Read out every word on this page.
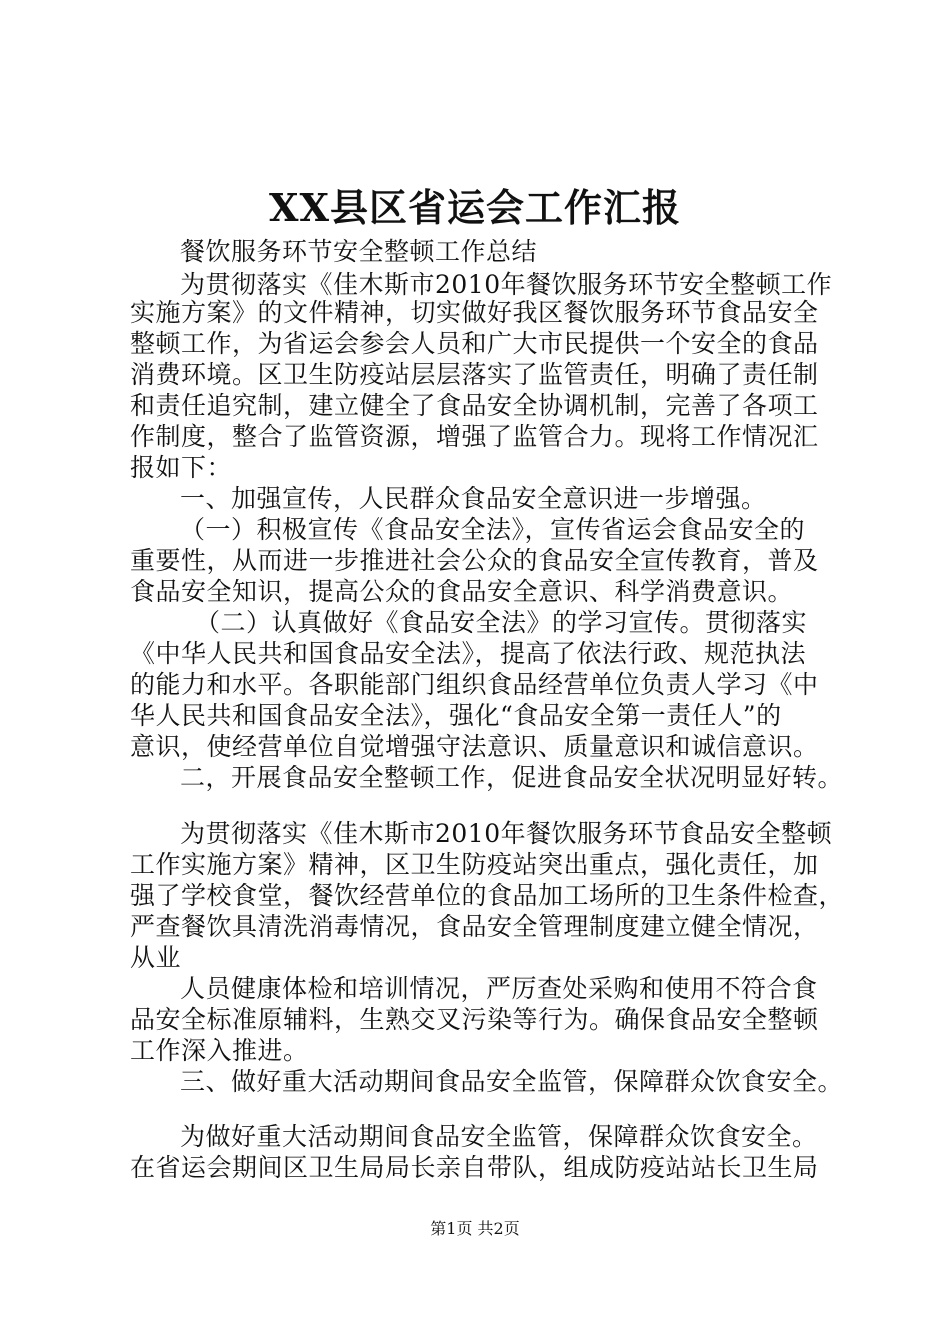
XX县区省运会工作汇报
餐饮服务环节安全整顿工作总结
为贯彻落实《佳木斯市2010年餐饮服务环节安全整顿工作
实施方案》的文件精神，切实做好我区餐饮服务环节食品安全
整顿工作，为省运会参会人员和广大市民提供一个安全的食品
消费环境。区卫生防疫站层层落实了监管责任，明确了责任制
和责任追究制，建立健全了食品安全协调机制，完善了各项工
作制度，整合了监管资源，增强了监管合力。现将工作情况汇
报如下：
一、加强宣传，人民群众食品安全意识进一步增强。
（一）积极宣传《食品安全法》，宣传省运会食品安全的
重要性，从而进一步推进社会公众的食品安全宣传教育，普及
食品安全知识，提高公众的食品安全意识、科学消费意识。
（二）认真做好《食品安全法》的学习宣传。贯彻落实
《中华人民共和国食品安全法》，提高了依法行政、规范执法
的能力和水平。各职能部门组织食品经营单位负责人学习《中
华人民共和国食品安全法》，强化“食品安全第一责任人”的
意识，使经营单位自觉增强守法意识、质量意识和诚信意识。
二，开展食品安全整顿工作，促进食品安全状况明显好转。
为贯彻落实《佳木斯市2010年餐饮服务环节食品安全整顿
工作实施方案》精神，区卫生防疫站突出重点，强化责任，加
强了学校食堂，餐饮经营单位的食品加工场所的卫生条件检查，
严查餐饮具清洗消毒情况，食品安全管理制度建立健全情况，
从业
人员健康体检和培训情况，严厉查处采购和使用不符合食
品安全标准原辅料，生熟交叉污染等行为。确保食品安全整顿
工作深入推进。
三、做好重大活动期间食品安全监管，保障群众饮食安全。
为做好重大活动期间食品安全监管，保障群众饮食安全。
在省运会期间区卫生局局长亲自带队，组成防疫站站长卫生局
第1页 共2页
